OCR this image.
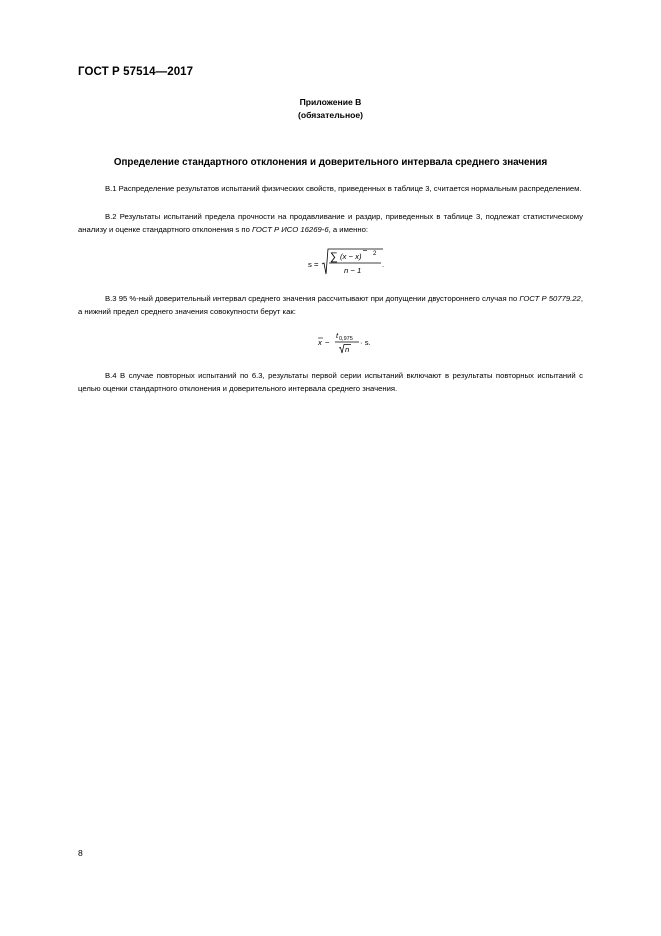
ГОСТ Р 57514—2017
Приложение В
(обязательное)
Определение стандартного отклонения и доверительного интервала среднего значения

В.1 Распределение результатов испытаний физических свойств, приведенных в таблице 3, считается нормальным распределением.

В.2 Результаты испытаний предела прочности на продавливание и раздир, приведенных в таблице 3, подлежат статистическому анализу и оценке стандартного отклонения s по ГОСТ Р ИСО 16269-6, а именно:

s =
∑ (x − x) 2
n − 1
.

В.3 95 %-ный доверительный интервал среднего значения рассчитывают при допущении двустороннего случая по ГОСТ Р 50779.22, а нижний предел среднего значения совокупности берут как:

x −
t 0,975
n
· s.

В.4 В случае повторных испытаний по 6.3, результаты первой серии испытаний включают в результаты повторных испытаний с целью оценки стандартного отклонения и доверительного интервала среднего значения.

8
